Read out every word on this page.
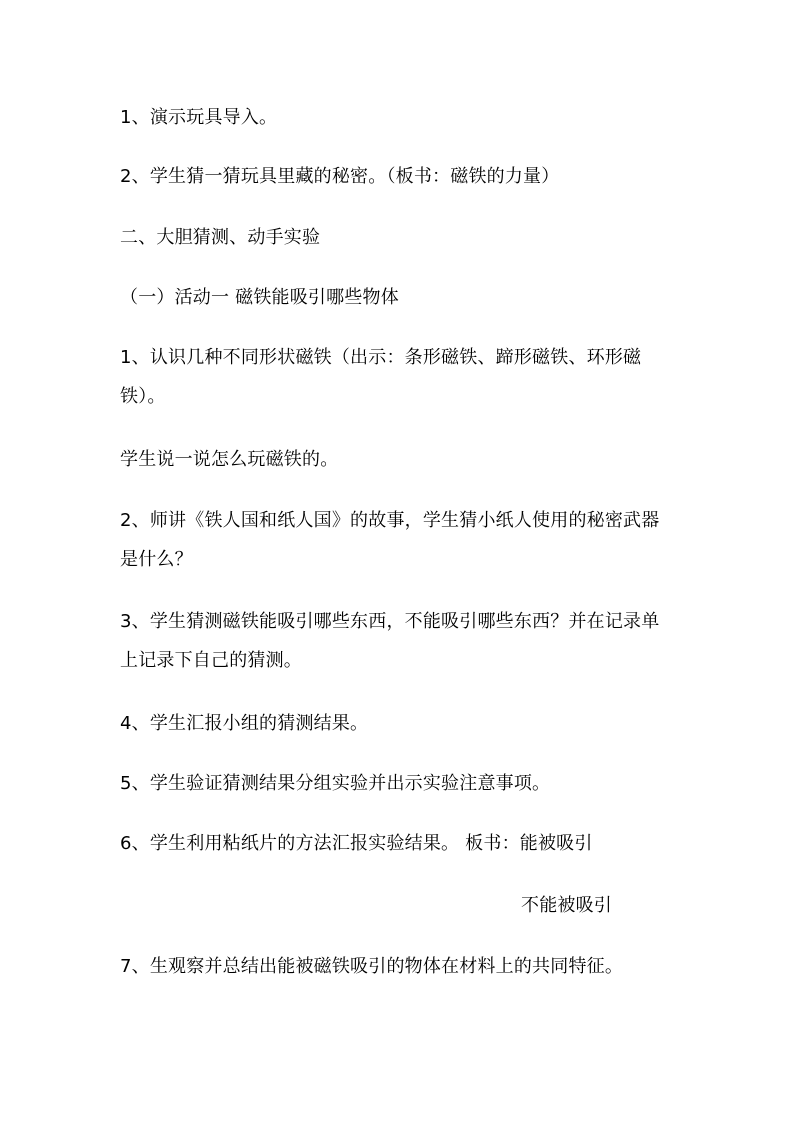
1、演示玩具导入。
2、学生猜一猜玩具里藏的秘密。（板书：磁铁的力量）
二、大胆猜测、动手实验
（一）活动一 磁铁能吸引哪些物体
1、认识几种不同形状磁铁（出示：条形磁铁、蹄形磁铁、环形磁
铁）。
学生说一说怎么玩磁铁的。
2、师讲《铁人国和纸人国》的故事，学生猜小纸人使用的秘密武器
是什么？
3、学生猜测磁铁能吸引哪些东西，不能吸引哪些东西？并在记录单
上记录下自己的猜测。
4、学生汇报小组的猜测结果。
5、学生验证猜测结果分组实验并出示实验注意事项。
6、学生利用粘纸片的方法汇报实验结果。 板书：能被吸引
不能被吸引
7、生观察并总结出能被磁铁吸引的物体在材料上的共同特征。
